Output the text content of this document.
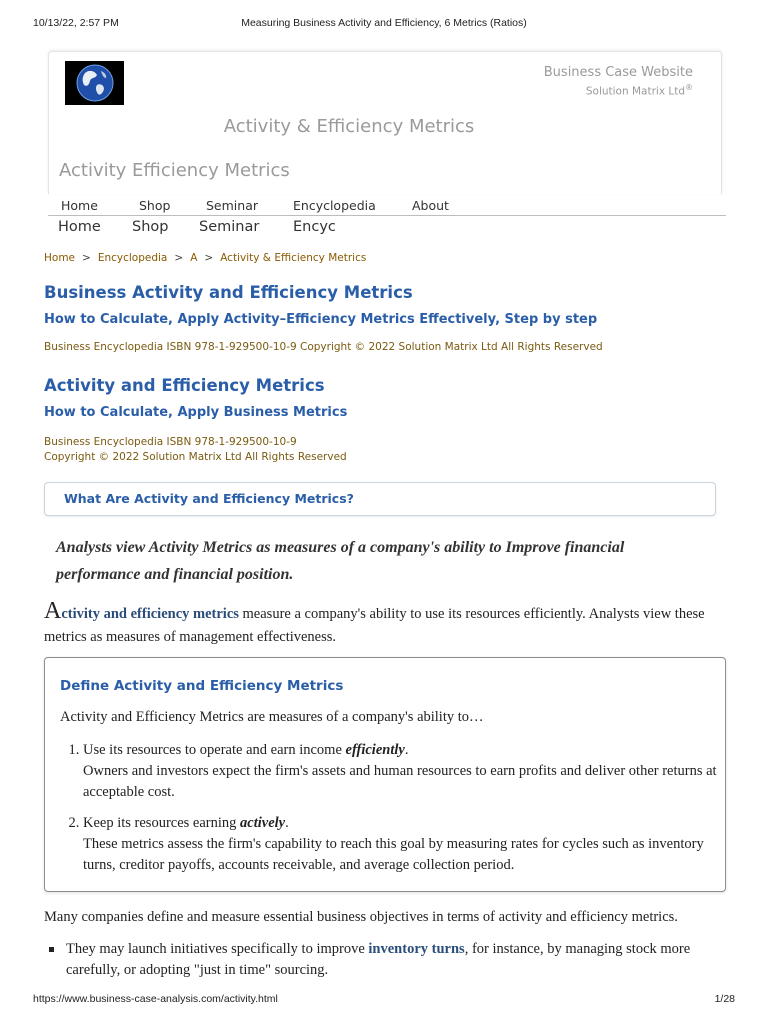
10/13/22, 2:57 PM	Measuring Business Activity and Efficiency, 6 Metrics (Ratios)
Business Case Website
Solution Matrix Ltd®
Activity & Efficiency Metrics
Activity Efficiency Metrics
Home	Shop	Seminar	Encyclopedia	About
Home Shop Seminar Encyc
Home > Encyclopedia > A > Activity & Efficiency Metrics
Business Activity and Efficiency Metrics
How to Calculate, Apply Activity–Efficiency Metrics Effectively, Step by step
Business Encyclopedia ISBN 978-1-929500-10-9 Copyright © 2022 Solution Matrix Ltd All Rights Reserved
Activity and Efficiency Metrics
How to Calculate, Apply Business Metrics
Business Encyclopedia ISBN 978-1-929500-10-9
Copyright © 2022 Solution Matrix Ltd All Rights Reserved
What Are Activity and Efficiency Metrics?
Analysts view Activity Metrics as measures of a company's ability to Improve financial performance and financial position.
Activity and efficiency metrics measure a company's ability to use its resources efficiently. Analysts view these metrics as measures of management effectiveness.
Define Activity and Efficiency Metrics
Activity and Efficiency Metrics are measures of a company's ability to…
1. Use its resources to operate and earn income efficiently.
Owners and investors expect the firm's assets and human resources to earn profits and deliver other returns at acceptable cost.
2. Keep its resources earning actively.
These metrics assess the firm's capability to reach this goal by measuring rates for cycles such as inventory turns, creditor payoffs, accounts receivable, and average collection period.
Many companies define and measure essential business objectives in terms of activity and efficiency metrics.
They may launch initiatives specifically to improve inventory turns, for instance, by managing stock more carefully, or adopting "just in time" sourcing.
https://www.business-case-analysis.com/activity.html	1/28
